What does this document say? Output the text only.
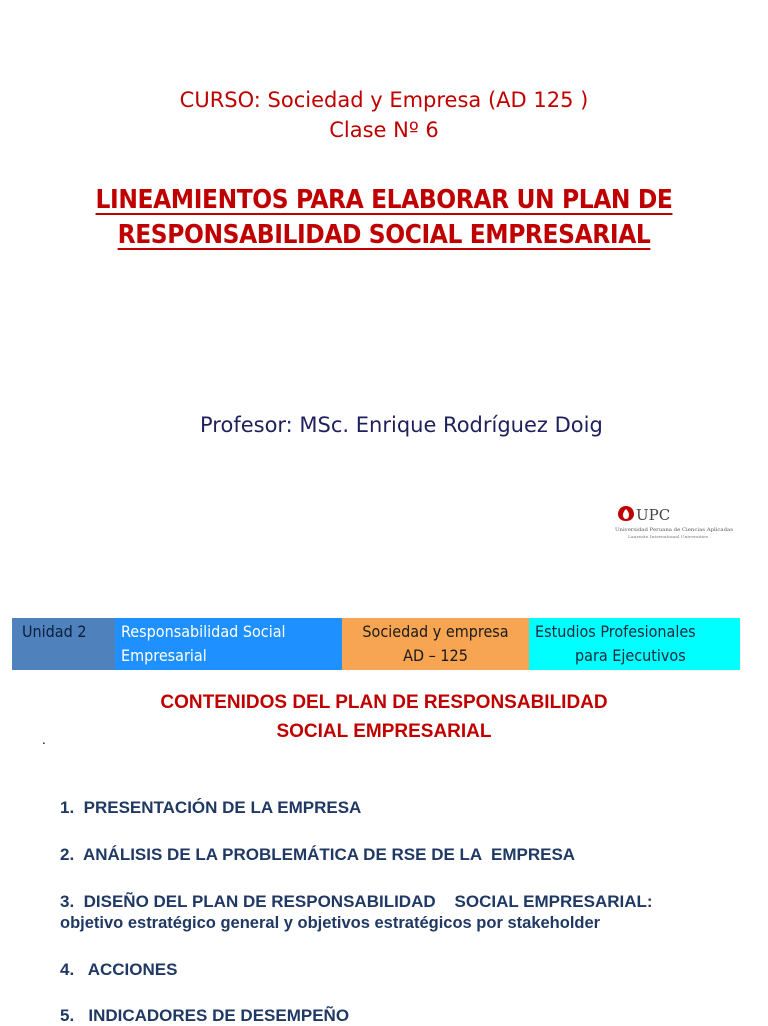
CURSO: Sociedad y Empresa (AD 125 )
Clase Nº 6
LINEAMIENTOS PARA ELABORAR UN PLAN DE
RESPONSABILIDAD SOCIAL EMPRESARIAL
Profesor: MSc. Enrique Rodríguez Doig
UPC
Universidad Peruana de Ciencias Aplicadas
Laureate International Universities
Unidad 2	Responsabilidad Social
Empresarial
Sociedad y empresa
AD – 125
Estudios Profesionales
para Ejecutivos
CONTENIDOS DEL PLAN DE RESPONSABILIDAD
SOCIAL EMPRESARIAL
.
1.  PRESENTACIÓN DE LA EMPRESA
2.  ANÁLISIS DE LA PROBLEMÁTICA DE RSE DE LA  EMPRESA
3.  DISEÑO DEL PLAN DE RESPONSABILIDAD    SOCIAL EMPRESARIAL:
objetivo estratégico general y objetivos estratégicos por stakeholder
4.   ACCIONES
5.   INDICADORES DE DESEMPEÑO
